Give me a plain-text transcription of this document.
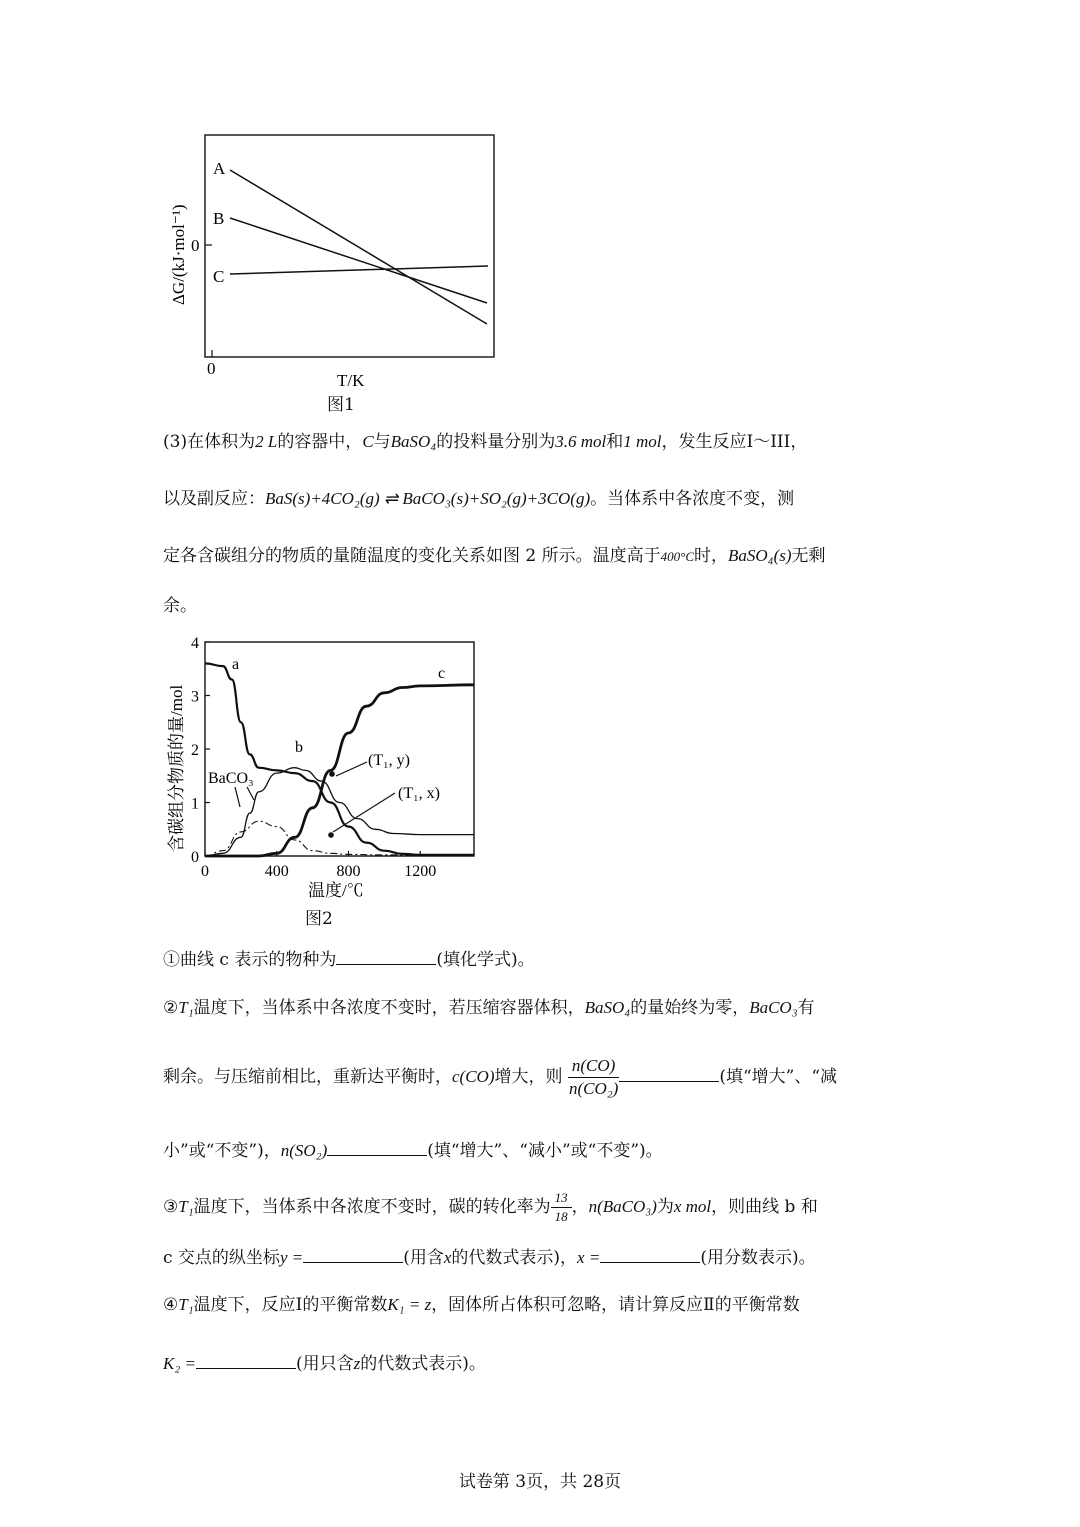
A
B
C
0
0
ΔG/(kJ·mol⁻¹)
T/K
图1
(3)在体积为2 L的容器中，C与BaSO₄的投料量分别为3.6 mol和1 mol，发生反应Ⅰ～III，
以及副反应：BaS(s)+4CO₂(g) ⇌ BaCO₃(s)+SO₂(g)+3CO(g)。当体系中各浓度不变，测
定各含碳组分的物质的量随温度的变化关系如图 2 所示。温度高于400°C时，BaSO₄(s)无剩
余。
0
1
2
3
4
0	400	800	1200
a
b
c
BaCO₃
(T₁, y)
(T₁, x)
含碳组分物质的量/mol
温度/℃
图2
①曲线 c 表示的物种为	(填化学式)。
②T₁温度下，当体系中各浓度不变时，若压缩容器体积，BaSO₄的量始终为零，BaCO₃有
剩余。与压缩前相比，重新达平衡时，c(CO)增大，则 $\frac{n(CO)}{\text{n(CO₂)}}$	(填“增大”、“减
小”或“不变”)，n(SO₂)	(填“增大”、“减小”或“不变”)。
③T₁温度下，当体系中各浓度不变时，碳的转化率为 $\frac{13}{18}$ ，n(BaCO₃)为x mol，则曲线 b 和
c 交点的纵坐标y =	(用含x的代数式表示)，x =	(用分数表示)。
④T₁温度下，反应Ⅰ的平衡常数K₁ = z，固体所占体积可忽略，请计算反应Ⅱ的平衡常数
K₂ =	(用只含z的代数式表示)。
试卷第 3页，共 28页
